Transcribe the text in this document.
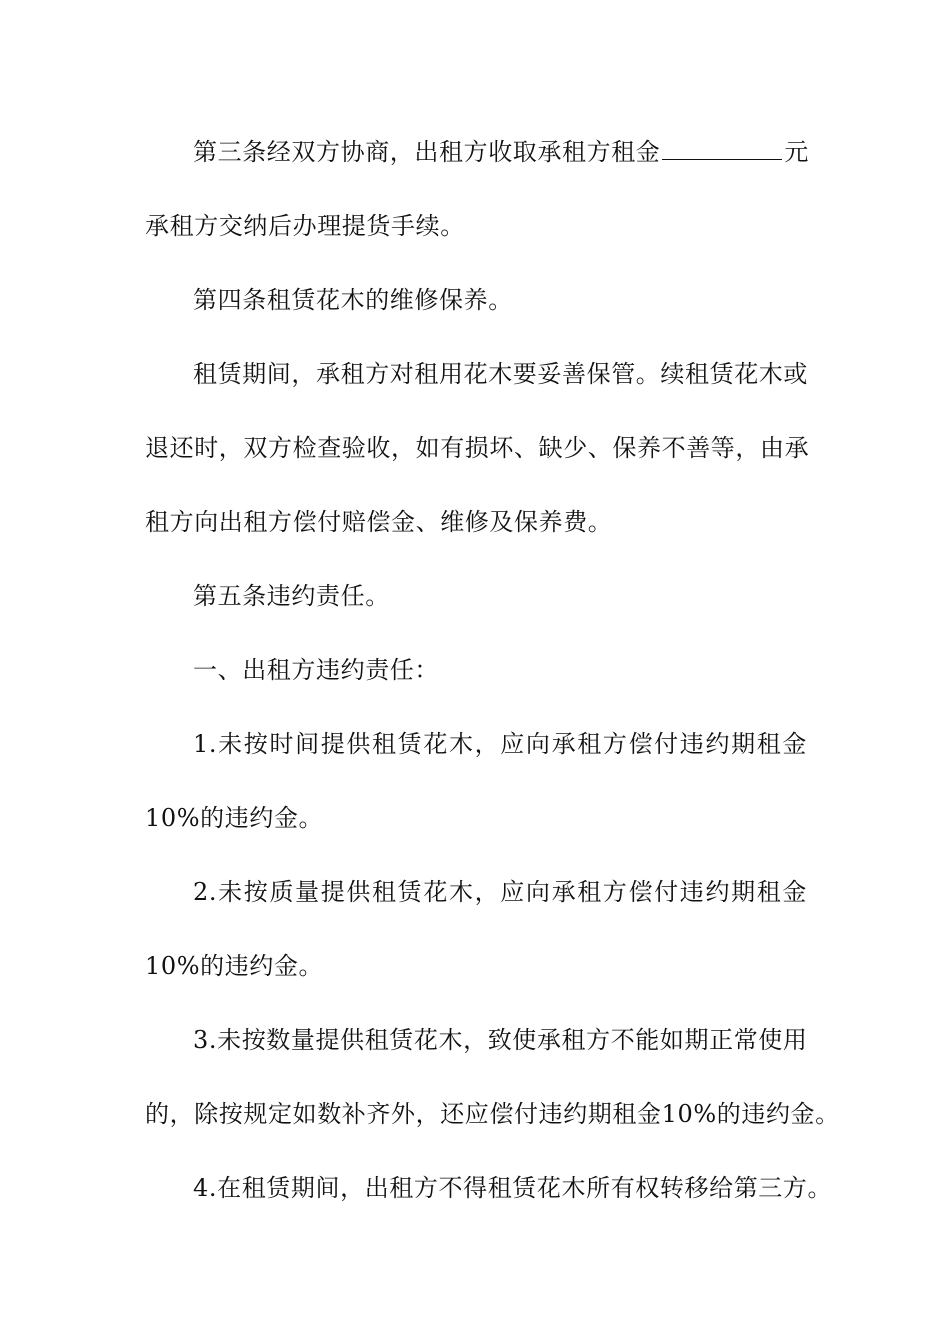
第三条经双方协商，出租方收取承租方租金	元
承租方交纳后办理提货手续。
第四条租赁花木的维修保养。
租赁期间，承租方对租用花木要妥善保管。续租赁花木或
退还时，双方检查验收，如有损坏、缺少、保养不善等，由承
租方向出租方偿付赔偿金、维修及保养费。
第五条违约责任。
一、出租方违约责任：
1.未按时间提供租赁花木，应向承租方偿付违约期租金
10%的违约金。
2.未按质量提供租赁花木，应向承租方偿付违约期租金
10%的违约金。
3.未按数量提供租赁花木，致使承租方不能如期正常使用
的，除按规定如数补齐外，还应偿付违约期租金10%的违约金。
4.在租赁期间，出租方不得租赁花木所有权转移给第三方。
